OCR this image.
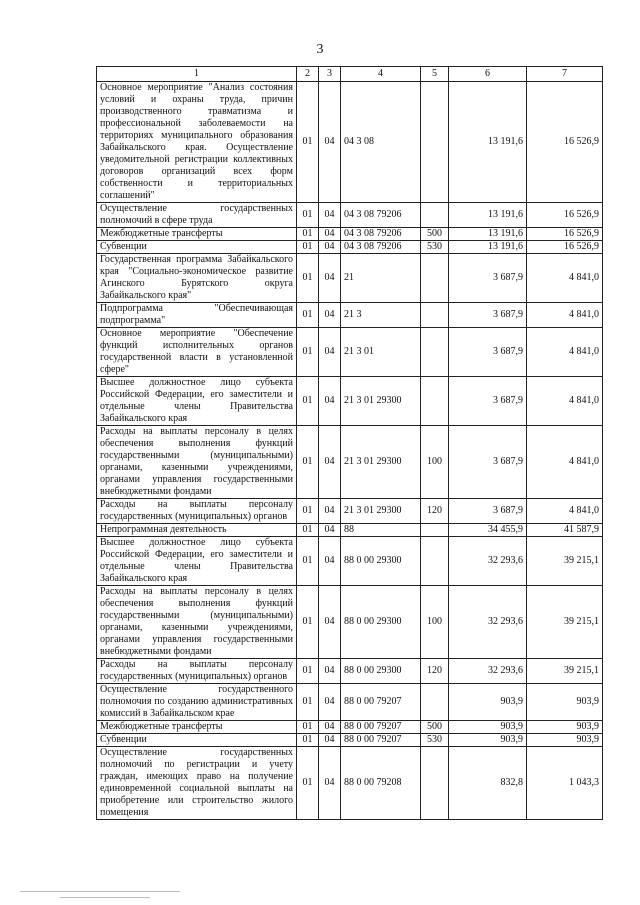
3
1	2	3	4	5	6	7
Основное мероприятие "Анализ состояния условий и охраны труда, причин производственного травматизма и профессиональной заболеваемости на территориях муниципального образования Забайкальского края. Осуществление уведомительной регистрации коллективных договоров организаций всех форм собственности и территориальных соглашений"	01	04	04 3 08		13 191,6	16 526,9
Осуществление государственных полномочий в сфере труда	01	04	04 3 08 79206		13 191,6	16 526,9
Межбюджетные трансферты	01	04	04 3 08 79206	500	13 191,6	16 526,9
Субвенции	01	04	04 3 08 79206	530	13 191,6	16 526,9
Государственная программа Забайкальского края "Социально-экономическое развитие Агинского Бурятского округа Забайкальского края"	01	04	21		3 687,9	4 841,0
Подпрограмма "Обеспечивающая подпрограмма"	01	04	21 3		3 687,9	4 841,0
Основное мероприятие "Обеспечение функций исполнительных органов государственной власти в установленной сфере"	01	04	21 3 01		3 687,9	4 841,0
Высшее должностное лицо субъекта Российской Федерации, его заместители и отдельные члены Правительства Забайкальского края	01	04	21 3 01 29300		3 687,9	4 841,0
Расходы на выплаты персоналу в целях обеспечения выполнения функций государственными (муниципальными) органами, казенными учреждениями, органами управления государственными внебюджетными фондами	01	04	21 3 01 29300	100	3 687,9	4 841,0
Расходы на выплаты персоналу государственных (муниципальных) органов	01	04	21 3 01 29300	120	3 687,9	4 841,0
Непрограммная деятельность	01	04	88		34 455,9	41 587,9
Высшее должностное лицо субъекта Российской Федерации, его заместители и отдельные члены Правительства Забайкальского края	01	04	88 0 00 29300		32 293,6	39 215,1
Расходы на выплаты персоналу в целях обеспечения выполнения функций государственными (муниципальными) органами, казенными учреждениями, органами управления государственными внебюджетными фондами	01	04	88 0 00 29300	100	32 293,6	39 215,1
Расходы на выплаты персоналу государственных (муниципальных) органов	01	04	88 0 00 29300	120	32 293,6	39 215,1
Осуществление государственного полномочия по созданию административных комиссий в Забайкальском крае	01	04	88 0 00 79207		903,9	903,9
Межбюджетные трансферты	01	04	88 0 00 79207	500	903,9	903,9
Субвенции	01	04	88 0 00 79207	530	903,9	903,9
Осуществление государственных полномочий по регистрации и учету граждан, имеющих право на получение единовременной социальной выплаты на приобретение или строительство жилого помещения	01	04	88 0 00 79208		832,8	1 043,3
